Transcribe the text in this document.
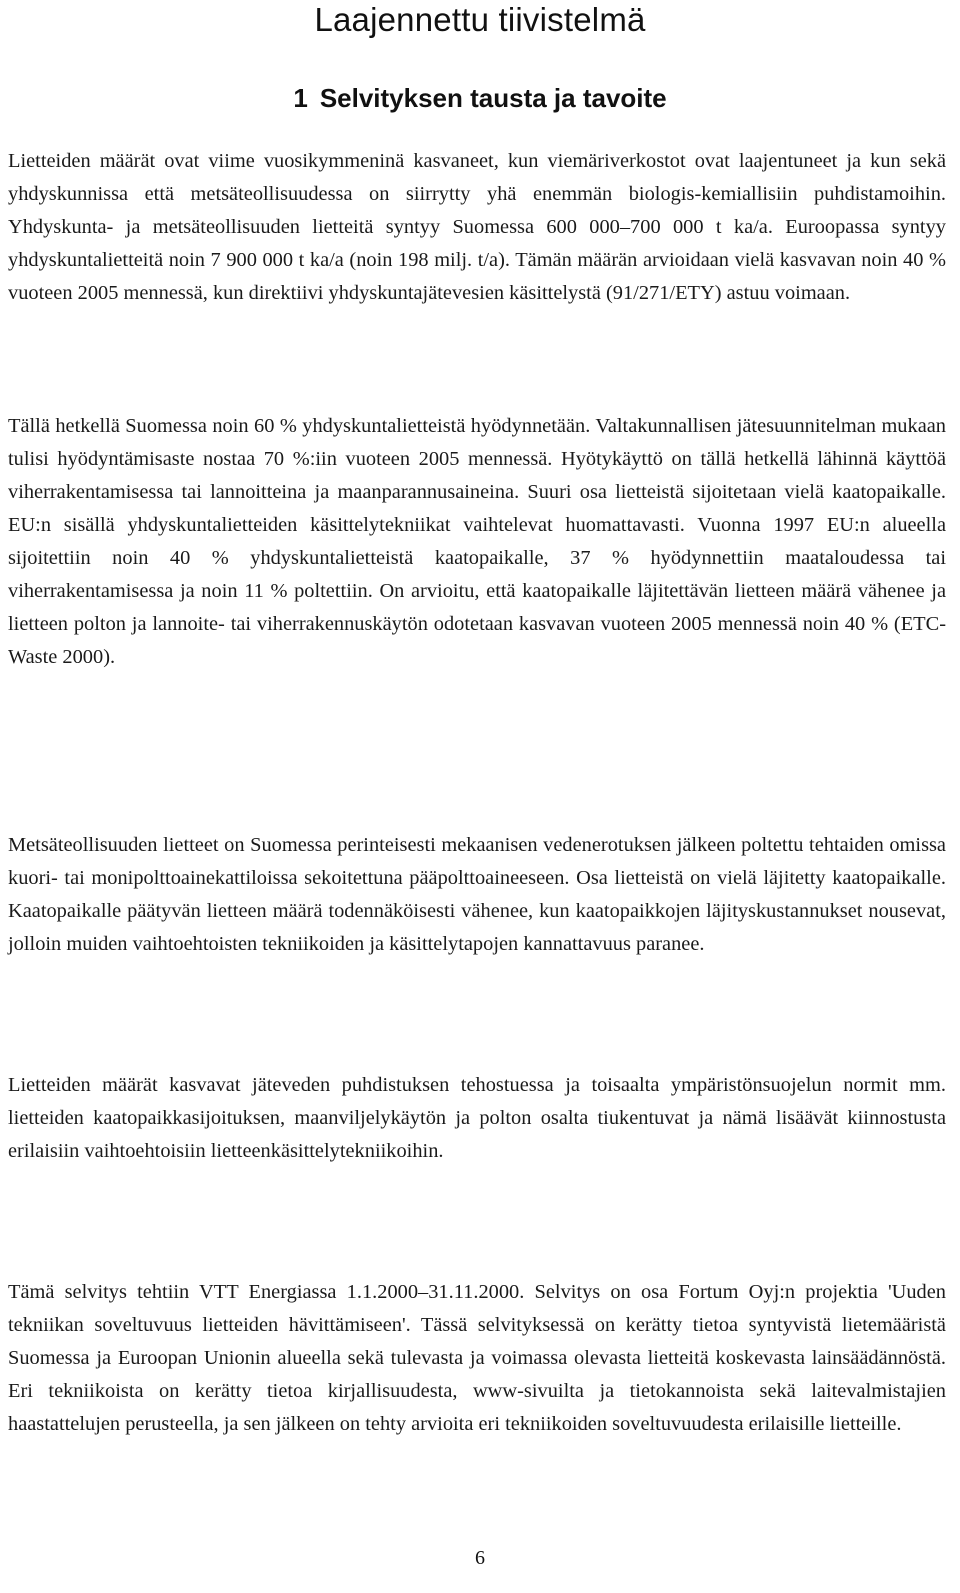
Laajennettu tiivistelmä
1 Selvityksen tausta ja tavoite

Lietteiden määrät ovat viime vuosikymmeninä kasvaneet, kun viemäriverkostot ovat laajentuneet ja kun sekä yhdyskunnissa että metsäteollisuudessa on siirrytty yhä enemmän biologis-kemiallisiin puhdistamoihin. Yhdyskunta- ja metsäteollisuuden lietteitä syntyy Suomessa 600 000–700 000 t ka/a. Euroopassa syntyy yhdyskuntalietteitä noin 7 900 000 t ka/a (noin 198 milj. t/a). Tämän määrän arvioidaan vielä kasvavan noin 40 % vuoteen 2005 mennessä, kun direktiivi yhdyskuntajätevesien käsittelystä (91/271/ETY) astuu voimaan.

Tällä hetkellä Suomessa noin 60 % yhdyskuntalietteistä hyödynnetään. Valtakunnallisen jätesuunnitelman mukaan tulisi hyödyntämisaste nostaa 70 %:iin vuoteen 2005 mennessä. Hyötykäyttö on tällä hetkellä lähinnä käyttöä viherrakentamisessa tai lannoitteina ja maanparannusaineina. Suuri osa lietteistä sijoitetaan vielä kaatopaikalle. EU:n sisällä yhdyskuntalietteiden käsittelytekniikat vaihtelevat huomattavasti. Vuonna 1997 EU:n alueella sijoitettiin noin 40 % yhdyskuntalietteistä kaatopaikalle, 37 % hyödynnettiin maataloudessa tai viherrakentamisessa ja noin 11 % poltettiin. On arvioitu, että kaatopaikalle läjitettävän lietteen määrä vähenee ja lietteen polton ja lannoite- tai viherrakennuskäytön odotetaan kasvavan vuoteen 2005 mennessä noin 40 % (ETC-Waste 2000).

Metsäteollisuuden lietteet on Suomessa perinteisesti mekaanisen vedenerotuksen jälkeen poltettu tehtaiden omissa kuori- tai monipolttoainekattiloissa sekoitettuna pääpolttoaineeseen. Osa lietteistä on vielä läjitetty kaatopaikalle. Kaatopaikalle päätyvän lietteen määrä todennäköisesti vähenee, kun kaatopaikkojen läjityskustannukset nousevat, jolloin muiden vaihtoehtoisten tekniikoiden ja käsittelytapojen kannattavuus paranee.

Lietteiden määrät kasvavat jäteveden puhdistuksen tehostuessa ja toisaalta ympäristönsuojelun normit mm. lietteiden kaatopaikkasijoituksen, maanviljelykäytön ja polton osalta tiukentuvat ja nämä lisäävät kiinnostusta erilaisiin vaihtoehtoisiin lietteenkäsittelytekniikoihin.

Tämä selvitys tehtiin VTT Energiassa 1.1.2000–31.11.2000. Selvitys on osa Fortum Oyj:n projektia 'Uuden tekniikan soveltuvuus lietteiden hävittämiseen'. Tässä selvityksessä on kerätty tietoa syntyvistä lietemääristä Suomessa ja Euroopan Unionin alueella sekä tulevasta ja voimassa olevasta lietteitä koskevasta lainsäädännöstä. Eri tekniikoista on kerätty tietoa kirjallisuudesta, www-sivuilta ja tietokannoista sekä laitevalmistajien haastattelujen perusteella, ja sen jälkeen on tehty arvioita eri tekniikoiden soveltuvuudesta erilaisille lietteille.

6
